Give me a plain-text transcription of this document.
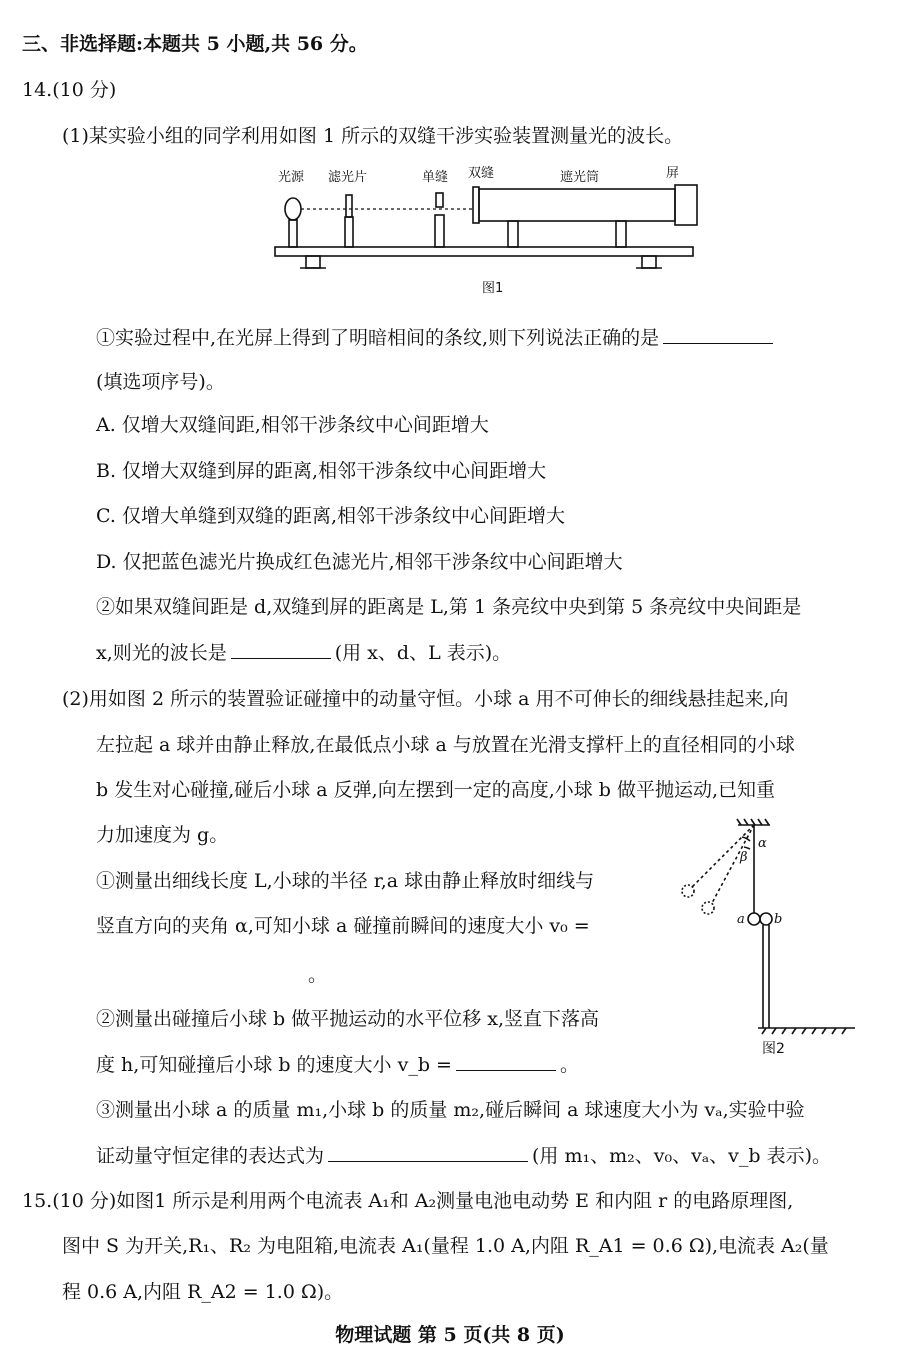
三、非选择题:本题共 5 小题,共 56 分。
14.(10 分)
(1)某实验小组的同学利用如图 1 所示的双缝干涉实验装置测量光的波长。
光源 滤光片	单缝 双缝	遮光筒	屏
图1
①实验过程中,在光屏上得到了明暗相间的条纹,则下列说法正确的是
(填选项序号)。
A. 仅增大双缝间距,相邻干涉条纹中心间距增大
B. 仅增大双缝到屏的距离,相邻干涉条纹中心间距增大
C. 仅增大单缝到双缝的距离,相邻干涉条纹中心间距增大
D. 仅把蓝色滤光片换成红色滤光片,相邻干涉条纹中心间距增大
②如果双缝间距是 d,双缝到屏的距离是 L,第 1 条亮纹中央到第 5 条亮纹中央间距是
x,则光的波长是	(用 x、d、L 表示)。
(2)用如图 2 所示的装置验证碰撞中的动量守恒。小球 a 用不可伸长的细线悬挂起来,向
左拉起 a 球并由静止释放,在最低点小球 a 与放置在光滑支撑杆上的直径相同的小球
b 发生对心碰撞,碰后小球 a 反弹,向左摆到一定的高度,小球 b 做平抛运动,已知重
力加速度为 g。
①测量出细线长度 L,小球的半径 r,a 球由静止释放时细线与
竖直方向的夹角 α,可知小球 a 碰撞前瞬间的速度大小 v₀ =
。
②测量出碰撞后小球 b 做平抛运动的水平位移 x,竖直下落高
度 h,可知碰撞后小球 b 的速度大小 v_b =	。
③测量出小球 a 的质量 m₁,小球 b 的质量 m₂,碰后瞬间 a 球速度大小为 vₐ,实验中验
证动量守恒定律的表达式为	(用 m₁、m₂、v₀、vₐ、v_b 表示)。
α
β
a b
图2
15.(10 分)如图1 所示是利用两个电流表 A₁和 A₂测量电池电动势 E 和内阻 r 的电路原理图,
图中 S 为开关,R₁、R₂ 为电阻箱,电流表 A₁(量程 1.0 A,内阻 R_A1 = 0.6 Ω),电流表 A₂(量
程 0.6 A,内阻 R_A2 = 1.0 Ω)。
物理试题 第 5 页(共 8 页)
